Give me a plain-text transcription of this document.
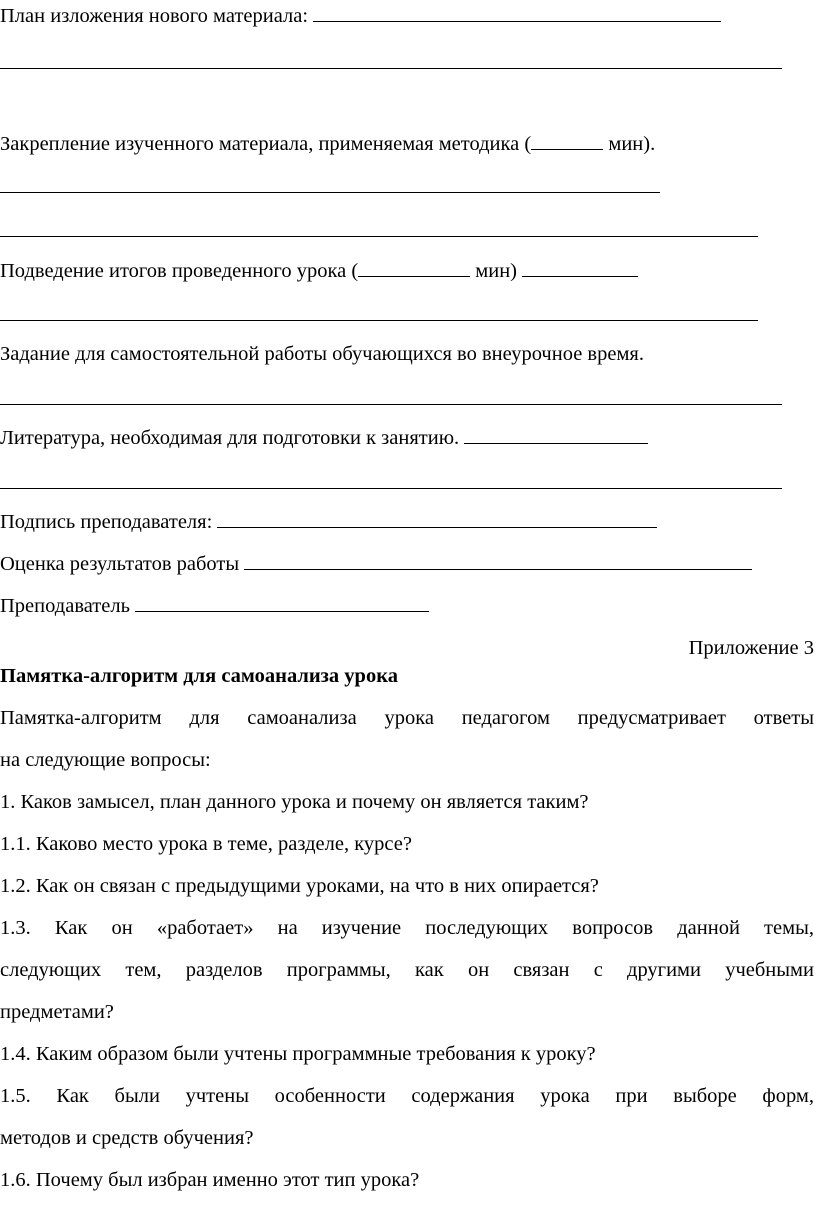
План изложения нового материала:
Закрепление изученного материала, применяемая методика (	мин).
Подведение итогов проведенного урока (	мин)
Задание для самостоятельной работы обучающихся во внеурочное время.
Литература, необходимая для подготовки к занятию.
Подпись преподавателя:
Оценка результатов работы
Преподаватель
Приложение 3
Памятка-алгоритм для самоанализа урока
Памятка-алгоритм для самоанализа урока педагогом предусматривает ответы
на следующие вопросы:
1. Каков замысел, план данного урока и почему он является таким?
1.1. Каково место урока в теме, разделе, курсе?
1.2. Как он связан с предыдущими уроками, на что в них опирается?
1.3. Как он «работает» на изучение последующих вопросов данной темы,
следующих тем, разделов программы, как он связан с другими учебными
предметами?
1.4. Каким образом были учтены программные требования к уроку?
1.5. Как были учтены особенности содержания урока при выборе форм,
методов и средств обучения?
1.6. Почему был избран именно этот тип урока?
